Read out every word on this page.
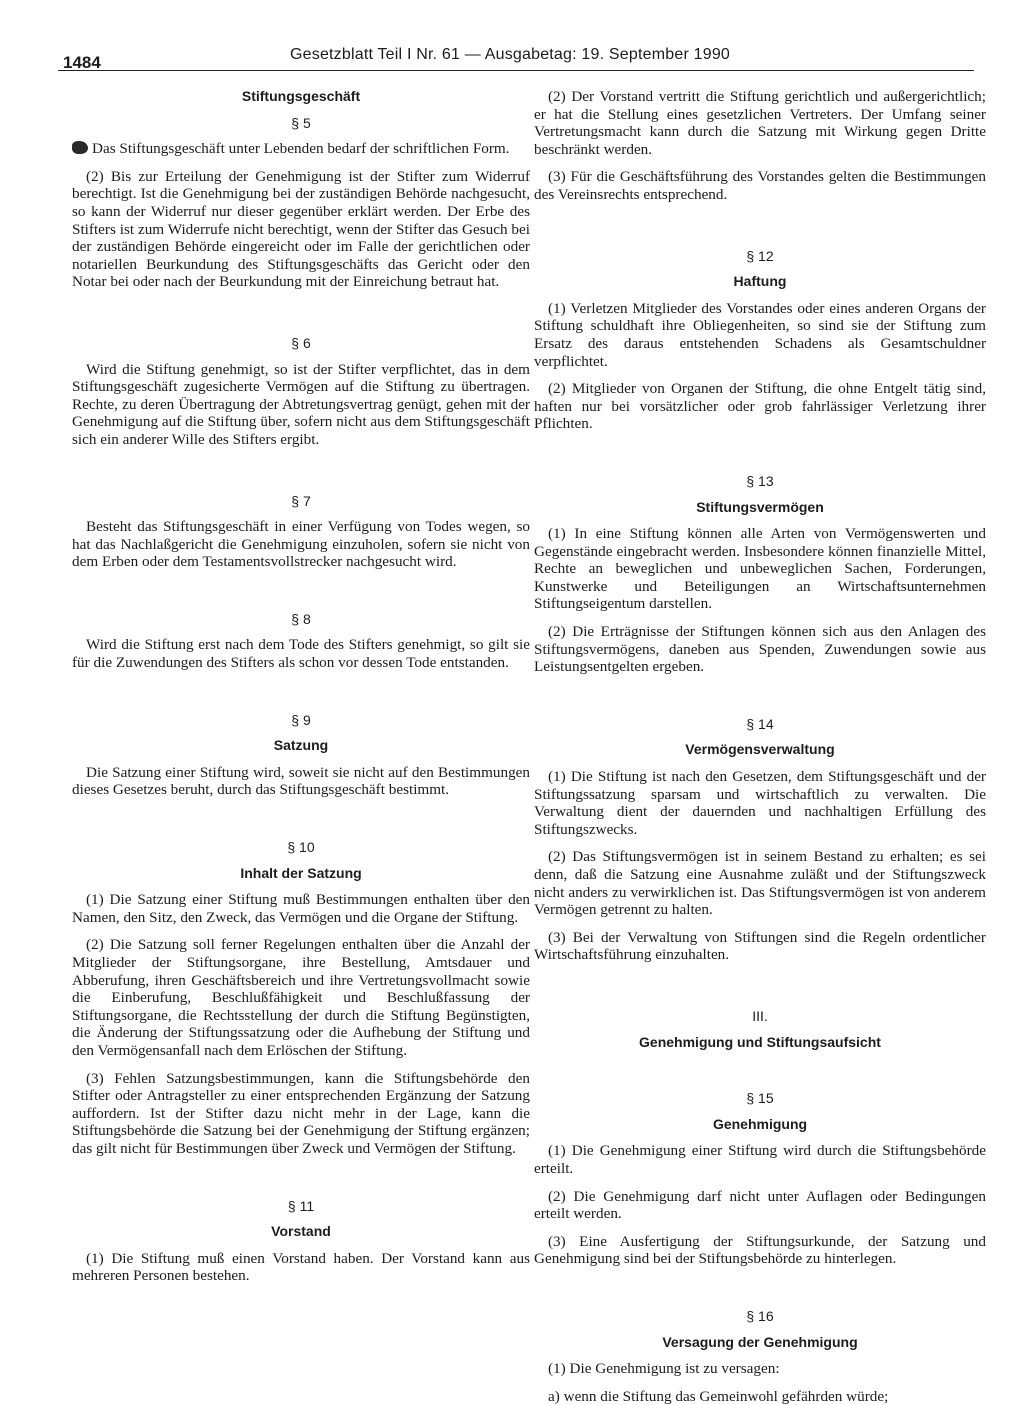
1484	Gesetzblatt Teil I Nr. 61 — Ausgabetag: 19. September 1990
Stiftungsgeschäft
§ 5

Das Stiftungsgeschäft unter Lebenden bedarf der schriftlichen Form.

(2) Bis zur Erteilung der Genehmigung ist der Stifter zum Widerruf berechtigt. Ist die Genehmigung bei der zuständigen Behörde nachgesucht, so kann der Widerruf nur dieser gegenüber erklärt werden. Der Erbe des Stifters ist zum Widerrufe nicht berechtigt, wenn der Stifter das Gesuch bei der zuständigen Behörde eingereicht oder im Falle der gerichtlichen oder notariellen Beurkundung des Stiftungsgeschäfts das Gericht oder den Notar bei oder nach der Beurkundung mit der Einreichung betraut hat.

§ 6

Wird die Stiftung genehmigt, so ist der Stifter verpflichtet, das in dem Stiftungsgeschäft zugesicherte Vermögen auf die Stiftung zu übertragen. Rechte, zu deren Übertragung der Abtretungsvertrag genügt, gehen mit der Genehmigung auf die Stiftung über, sofern nicht aus dem Stiftungsgeschäft sich ein anderer Wille des Stifters ergibt.

§ 7

Besteht das Stiftungsgeschäft in einer Verfügung von Todes wegen, so hat das Nachlaßgericht die Genehmigung einzuholen, sofern sie nicht von dem Erben oder dem Testamentsvollstrecker nachgesucht wird.

§ 8

Wird die Stiftung erst nach dem Tode des Stifters genehmigt, so gilt sie für die Zuwendungen des Stifters als schon vor dessen Tode entstanden.

§ 9
Satzung

Die Satzung einer Stiftung wird, soweit sie nicht auf den Bestimmungen dieses Gesetzes beruht, durch das Stiftungsgeschäft bestimmt.

§ 10
Inhalt der Satzung

(1) Die Satzung einer Stiftung muß Bestimmungen enthalten über den Namen, den Sitz, den Zweck, das Vermögen und die Organe der Stiftung.

(2) Die Satzung soll ferner Regelungen enthalten über die Anzahl der Mitglieder der Stiftungsorgane, ihre Bestellung, Amtsdauer und Abberufung, ihren Geschäftsbereich und ihre Vertretungsvollmacht sowie die Einberufung, Beschlußfähigkeit und Beschlußfassung der Stiftungsorgane, die Rechtsstellung der durch die Stiftung Begünstigten, die Änderung der Stiftungssatzung oder die Aufhebung der Stiftung und den Vermögensanfall nach dem Erlöschen der Stiftung.

(3) Fehlen Satzungsbestimmungen, kann die Stiftungsbehörde den Stifter oder Antragsteller zu einer entsprechenden Ergänzung der Satzung auffordern. Ist der Stifter dazu nicht mehr in der Lage, kann die Stiftungsbehörde die Satzung bei der Genehmigung der Stiftung ergänzen; das gilt nicht für Bestimmungen über Zweck und Vermögen der Stiftung.

§ 11
Vorstand

(1) Die Stiftung muß einen Vorstand haben. Der Vorstand kann aus mehreren Personen bestehen.

(2) Der Vorstand vertritt die Stiftung gerichtlich und außergerichtlich; er hat die Stellung eines gesetzlichen Vertreters. Der Umfang seiner Vertretungsmacht kann durch die Satzung mit Wirkung gegen Dritte beschränkt werden.

(3) Für die Geschäftsführung des Vorstandes gelten die Bestimmungen des Vereinsrechts entsprechend.

§ 12
Haftung

(1) Verletzen Mitglieder des Vorstandes oder eines anderen Organs der Stiftung schuldhaft ihre Obliegenheiten, so sind sie der Stiftung zum Ersatz des daraus entstehenden Schadens als Gesamtschuldner verpflichtet.

(2) Mitglieder von Organen der Stiftung, die ohne Entgelt tätig sind, haften nur bei vorsätzlicher oder grob fahrlässiger Verletzung ihrer Pflichten.

§ 13
Stiftungsvermögen

(1) In eine Stiftung können alle Arten von Vermögenswerten und Gegenstände eingebracht werden. Insbesondere können finanzielle Mittel, Rechte an beweglichen und unbeweglichen Sachen, Forderungen, Kunstwerke und Beteiligungen an Wirtschaftsunternehmen Stiftungseigentum darstellen.

(2) Die Erträgnisse der Stiftungen können sich aus den Anlagen des Stiftungsvermögens, daneben aus Spenden, Zuwendungen sowie aus Leistungsentgelten ergeben.

§ 14
Vermögensverwaltung

(1) Die Stiftung ist nach den Gesetzen, dem Stiftungsgeschäft und der Stiftungssatzung sparsam und wirtschaftlich zu verwalten. Die Verwaltung dient der dauernden und nachhaltigen Erfüllung des Stiftungszwecks.

(2) Das Stiftungsvermögen ist in seinem Bestand zu erhalten; es sei denn, daß die Satzung eine Ausnahme zuläßt und der Stiftungszweck nicht anders zu verwirklichen ist. Das Stiftungsvermögen ist von anderem Vermögen getrennt zu halten.

(3) Bei der Verwaltung von Stiftungen sind die Regeln ordentlicher Wirtschaftsführung einzuhalten.

III.
Genehmigung und Stiftungsaufsicht
§ 15
Genehmigung

(1) Die Genehmigung einer Stiftung wird durch die Stiftungsbehörde erteilt.

(2) Die Genehmigung darf nicht unter Auflagen oder Bedingungen erteilt werden.

(3) Eine Ausfertigung der Stiftungsurkunde, der Satzung und Genehmigung sind bei der Stiftungsbehörde zu hinterlegen.

§ 16
Versagung der Genehmigung

(1) Die Genehmigung ist zu versagen:

a) wenn die Stiftung das Gemeinwohl gefährden würde;
